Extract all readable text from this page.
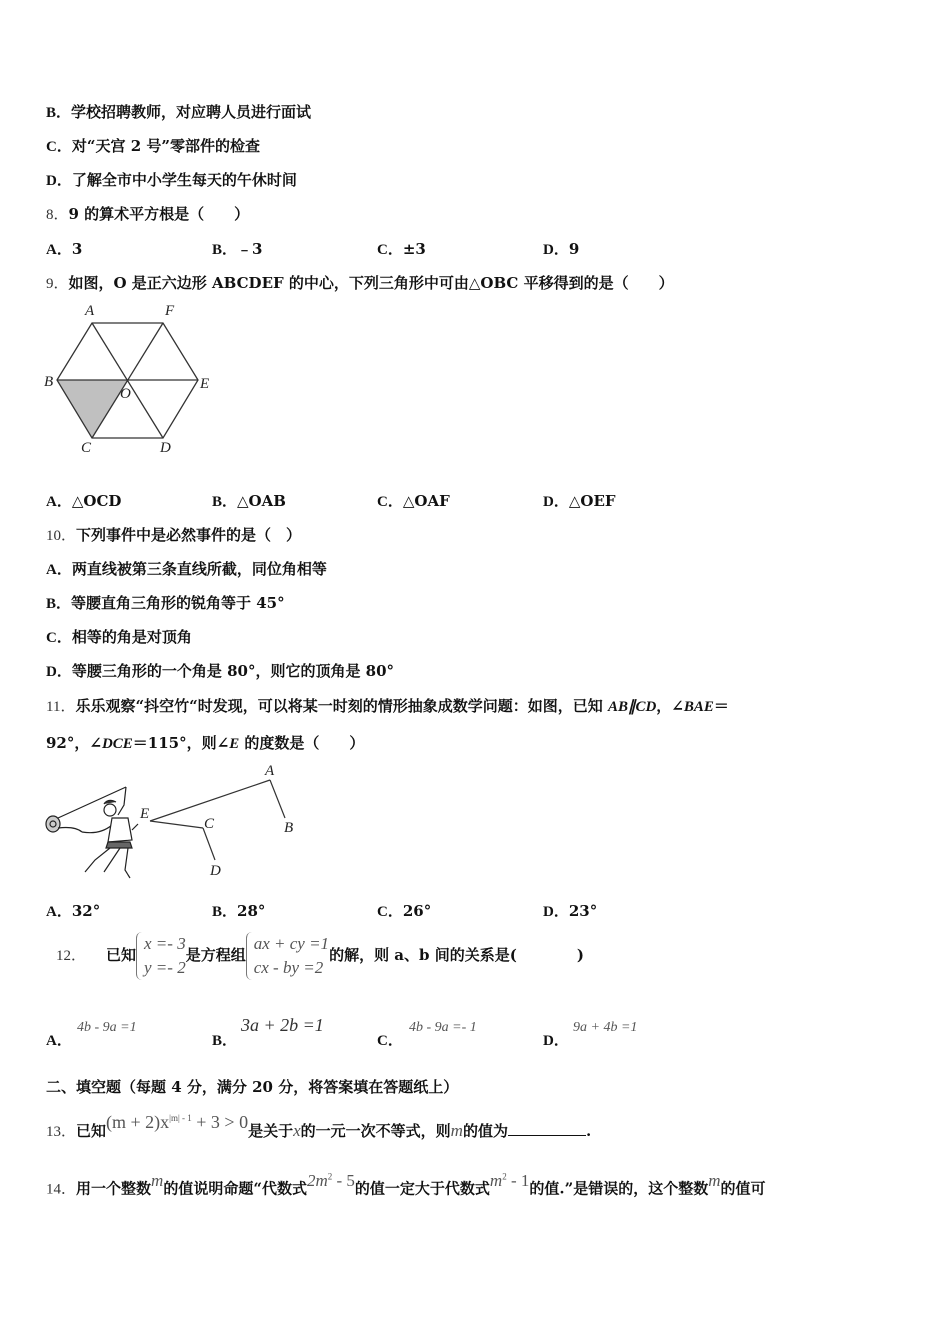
B．学校招聘教师，对应聘人员进行面试
C．对“天宫 2 号”零部件的检查
D．了解全市中小学生每天的午休时间
8．9 的算术平方根是（　　）
A．3	B．﹣3	C．±3	D．9
9．如图，O 是正六边形 ABCDEF 的中心，下列三角形中可由△OBC 平移得到的是（　　）
A	F
B
O
E
C	D
A．△OCD	B．△OAB	C．△OAF	D．△OEF
10．下列事件中是必然事件的是（　）
A．两直线被第三条直线所截，同位角相等
B．等腰直角三角形的锐角等于 45°
C．相等的角是对顶角
D．等腰三角形的一个角是 80°，则它的顶角是 80°
11．乐乐观察“抖空竹“时发现，可以将某一时刻的情形抽象成数学问题：如图，已知 AB∥CD，∠BAE＝
92°，∠DCE＝115°，则∠E 的度数是（　　）
A
E
C	B
D
A．32°	B．28°	C．26°	D．23°
12． 已知
x =- 3
y =- 2
是方程组
ax + cy =1
cx - by =2
的解，则 a、b 间的关系是(　　　　)
A．
4b - 9a =1
B．
3a + 2b =1
C．
4b - 9a =- 1
D．
9a + 4b =1
二、填空题（每题 4 分，满分 20 分，将答案填在答题纸上）
13．已知$(m + 2)x^{|m| - 1} + 3 > 0$是关于x的一元一次不等式，则m的值为	.
14．用一个整数m的值说明命题“代数式$2m^2 - 5$的值一定大于代数式$m^2 - 1$的值.”是错误的，这个整数m的值可
